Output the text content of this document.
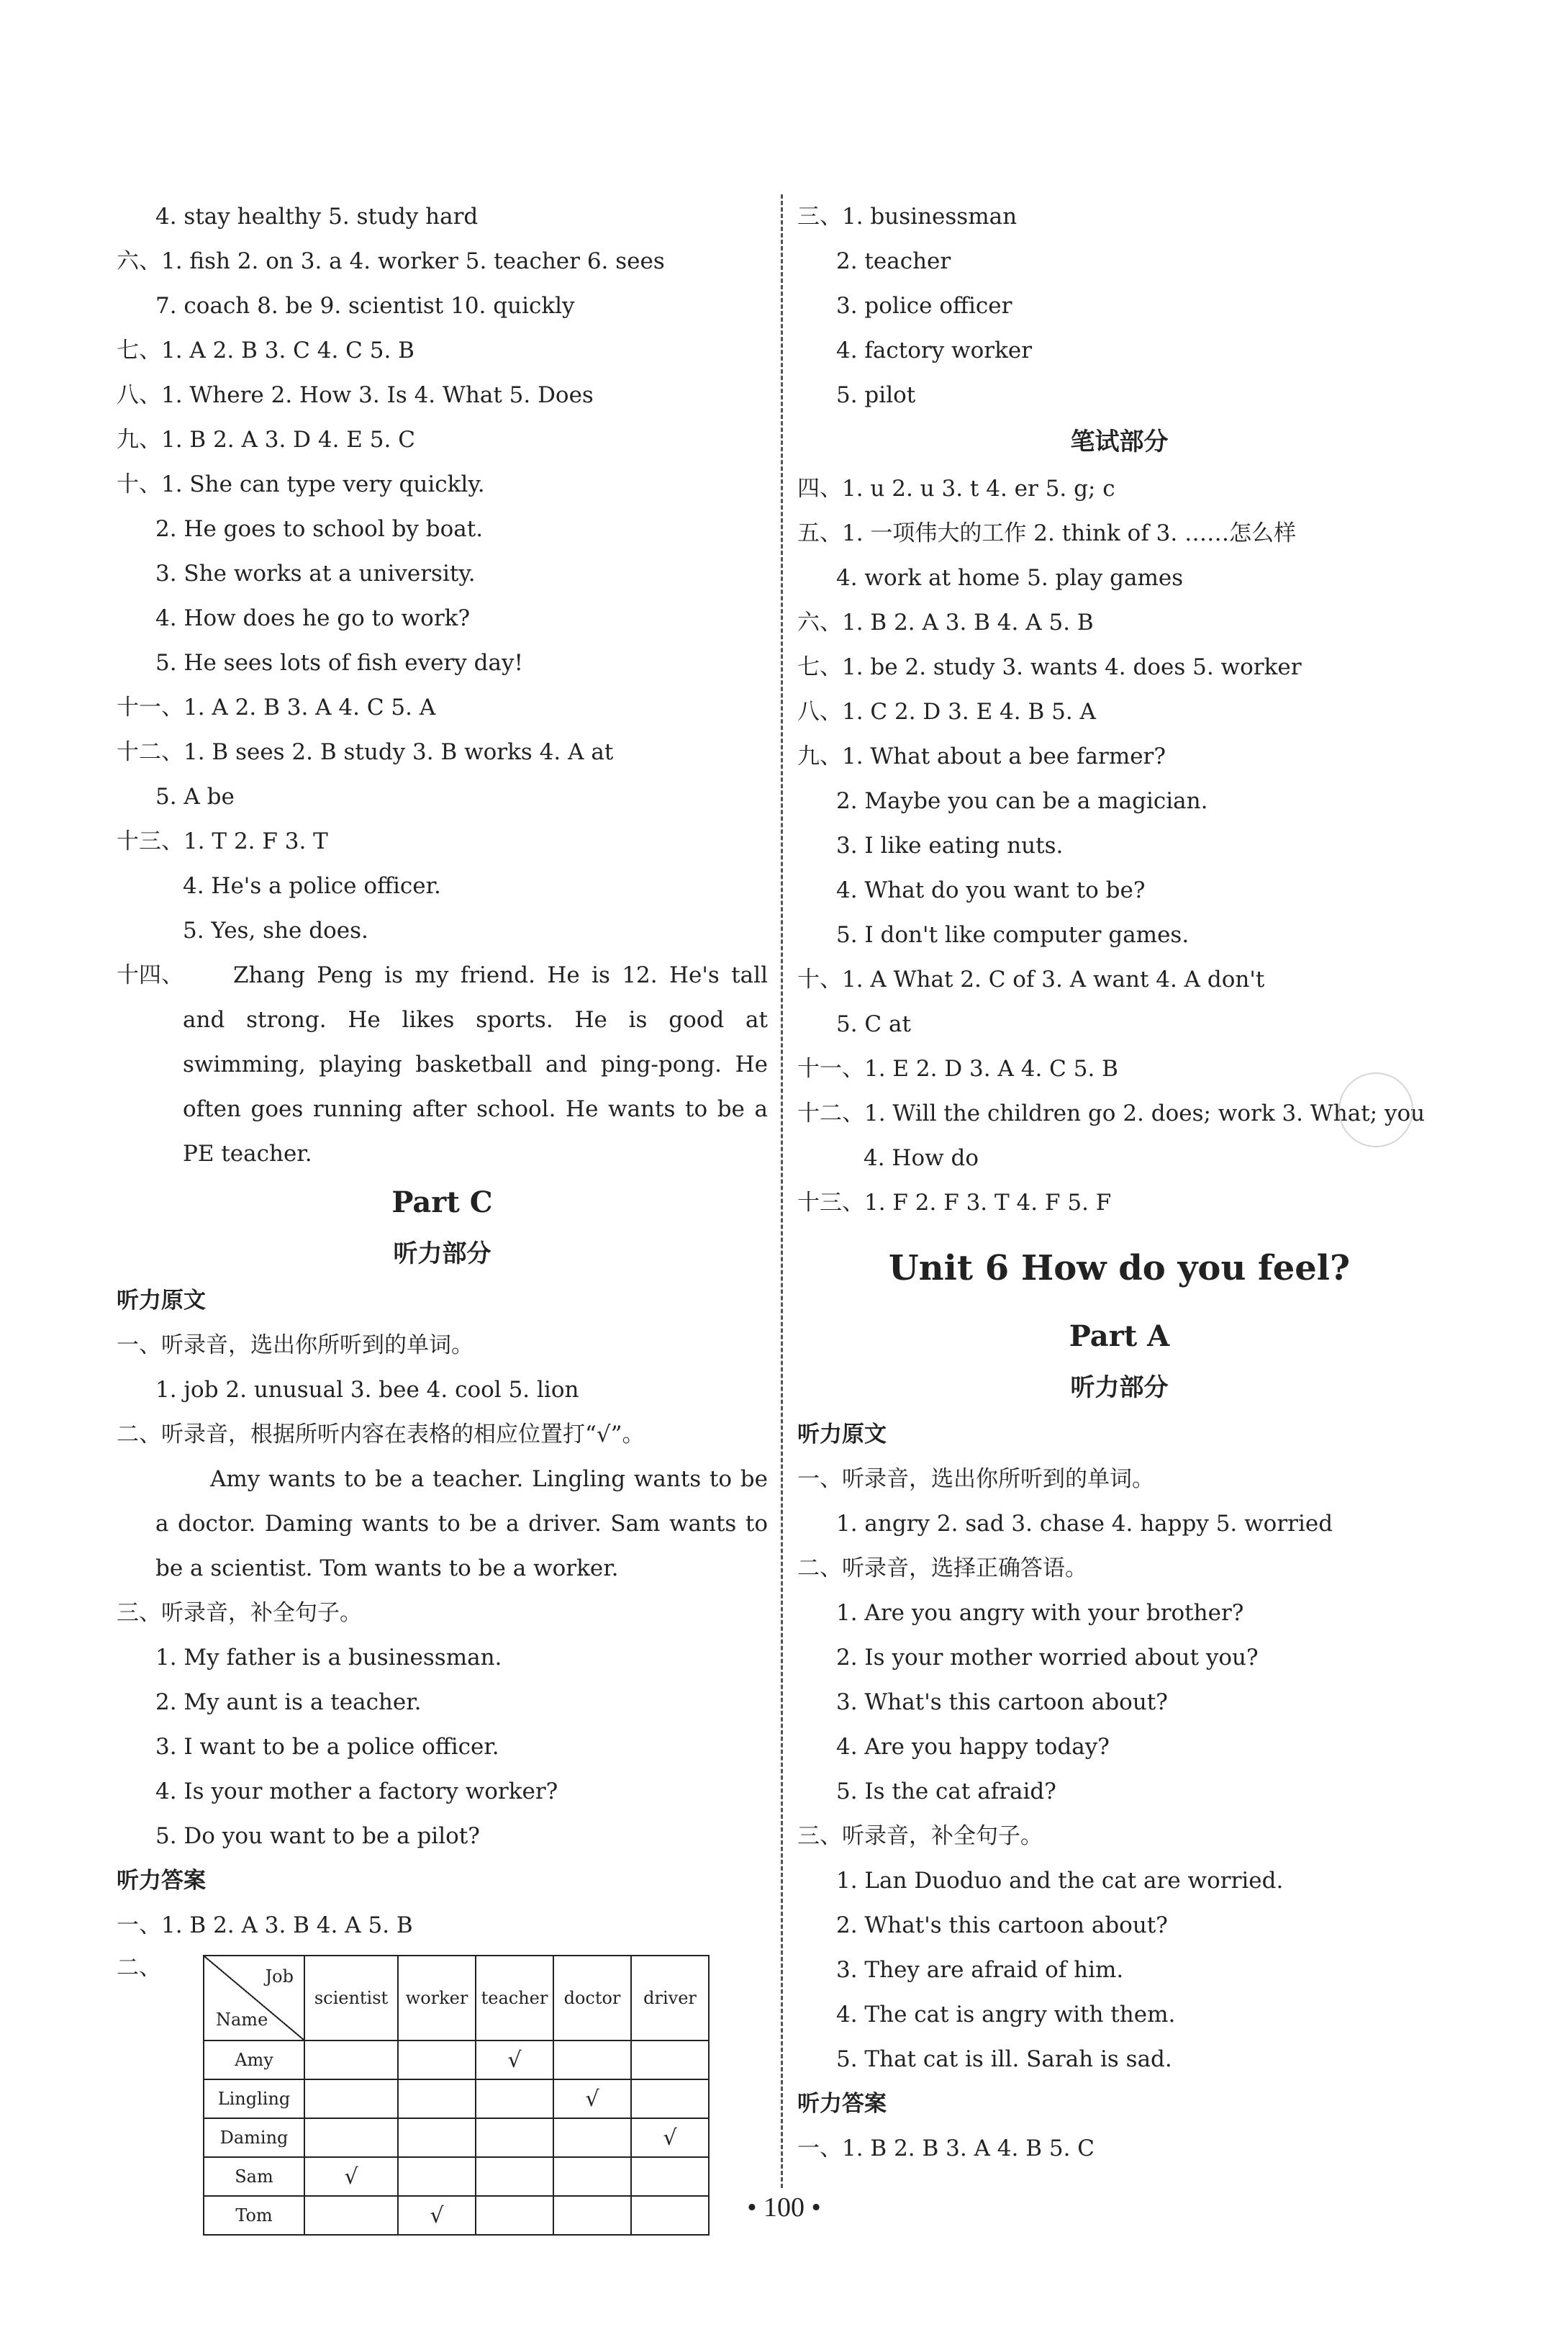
4. stay healthy 5. study hard
六、1. fish 2. on 3. a 4. worker 5. teacher 6. sees
7. coach 8. be 9. scientist 10. quickly
七、1. A 2. B 3. C 4. C 5. B
八、1. Where 2. How 3. Is 4. What 5. Does
九、1. B 2. A 3. D 4. E 5. C
十、1. She can type very quickly.
2. He goes to school by boat.
3. She works at a university.
4. How does he go to work?
5. He sees lots of fish every day!
十一、1. A 2. B 3. A 4. C 5. A
十二、1. B sees 2. B study 3. B works 4. A at
5. A be
十三、1. T 2. F 3. T
4. He's a police officer.
5. Yes, she does.
十四、	Zhang Peng is my friend. He is 12. He's tall and strong. He likes sports. He is good at swimming, playing basketball and ping-pong. He often goes running after school. He wants to be a PE teacher.
Part C
听力部分
听力原文
一、听录音，选出你所听到的单词。
1. job 2. unusual 3. bee 4. cool 5. lion
二、听录音，根据所听内容在表格的相应位置打“√”。
Amy wants to be a teacher. Lingling wants to be a doctor. Daming wants to be a driver. Sam wants to be a scientist. Tom wants to be a worker.
三、听录音，补全句子。
1. My father is a businessman.
2. My aunt is a teacher.
3. I want to be a police officer.
4. Is your mother a factory worker?
5. Do you want to be a pilot?
听力答案
一、1. B 2. A 3. B 4. A 5. B
二、	Job
Name	scientist	worker	teacher	doctor	driver
Amy			√		
Lingling				√	
Daming					√
Sam	√				
Tom		√			
三、1. businessman
2. teacher
3. police officer
4. factory worker
5. pilot
笔试部分
四、1. u 2. u 3. t 4. er 5. g; c
五、1. 一项伟大的工作 2. think of 3. ……怎么样
4. work at home 5. play games
六、1. B 2. A 3. B 4. A 5. B
七、1. be 2. study 3. wants 4. does 5. worker
八、1. C 2. D 3. E 4. B 5. A
九、1. What about a bee farmer?
2. Maybe you can be a magician.
3. I like eating nuts.
4. What do you want to be?
5. I don't like computer games.
十、1. A What 2. C of 3. A want 4. A don't
5. C at
十一、1. E 2. D 3. A 4. C 5. B
十二、1. Will the children go 2. does; work 3. What; you
4. How do
十三、1. F 2. F 3. T 4. F 5. F
Unit 6 How do you feel?
Part A
听力部分
听力原文
一、听录音，选出你所听到的单词。
1. angry 2. sad 3. chase 4. happy 5. worried
二、听录音，选择正确答语。
1. Are you angry with your brother?
2. Is your mother worried about you?
3. What's this cartoon about?
4. Are you happy today?
5. Is the cat afraid?
三、听录音，补全句子。
1. Lan Duoduo and the cat are worried.
2. What's this cartoon about?
3. They are afraid of him.
4. The cat is angry with them.
5. That cat is ill. Sarah is sad.
听力答案
一、1. B 2. B 3. A 4. B 5. C
• 100 •
